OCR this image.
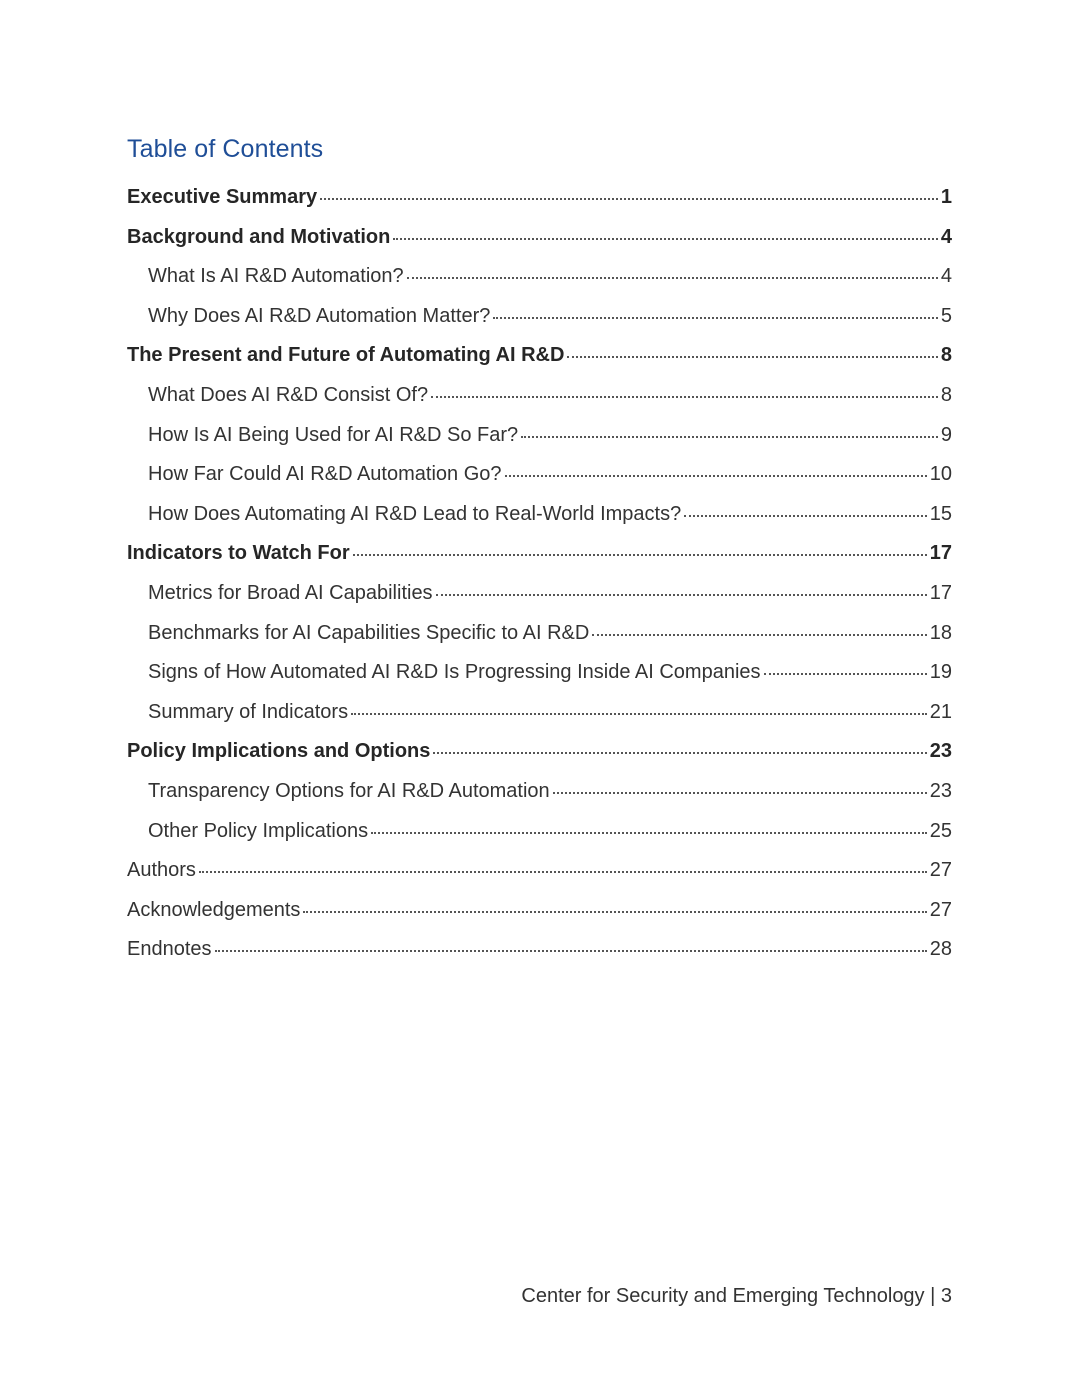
Table of Contents
Executive Summary	1
Background and Motivation	4
What Is AI R&D Automation?	4
Why Does AI R&D Automation Matter?	5
The Present and Future of Automating AI R&D	8
What Does AI R&D Consist Of?	8
How Is AI Being Used for AI R&D So Far?	9
How Far Could AI R&D Automation Go?	10
How Does Automating AI R&D Lead to Real-World Impacts?	15
Indicators to Watch For	17
Metrics for Broad AI Capabilities	17
Benchmarks for AI Capabilities Specific to AI R&D	18
Signs of How Automated AI R&D Is Progressing Inside AI Companies	19
Summary of Indicators	21
Policy Implications and Options	23
Transparency Options for AI R&D Automation	23
Other Policy Implications	25
Authors	27
Acknowledgements	27
Endnotes	28
Center for Security and Emerging Technology | 3
